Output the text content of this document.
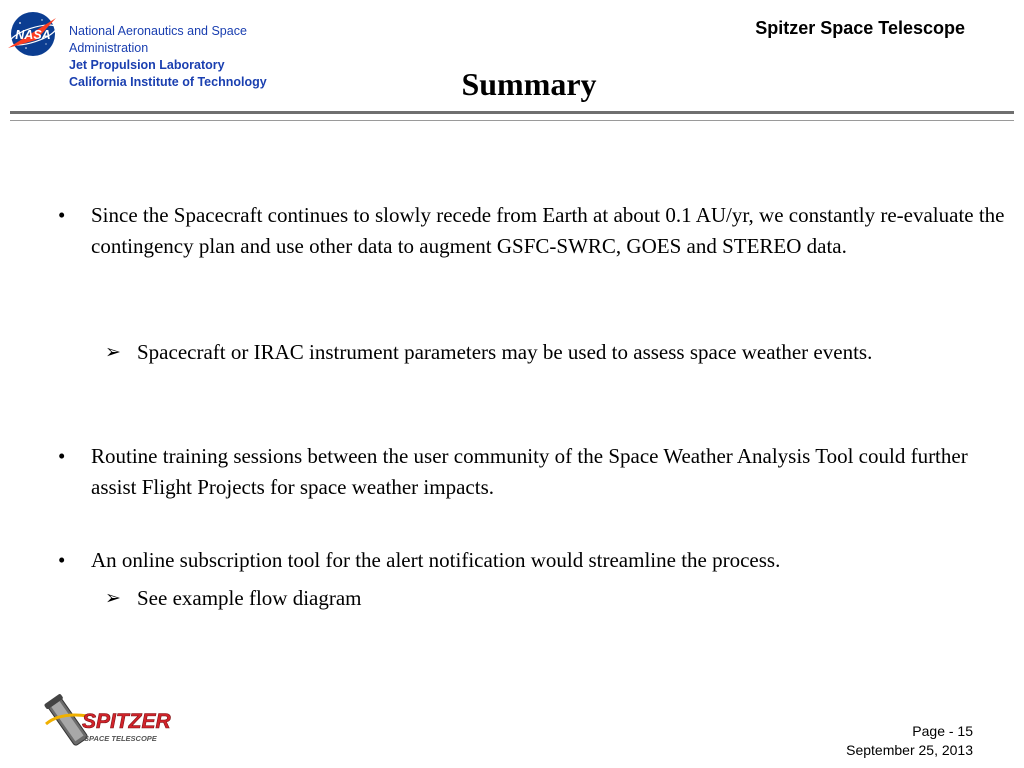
NASA National Aeronautics and Space
Administration
Jet Propulsion Laboratory
California Institute of Technology
Spitzer Space Telescope
Summary
• Since the Spacecraft continues to slowly recede from Earth at about 0.1 AU/yr, we constantly re-evaluate the contingency plan and use other data to augment GSFC-SWRC, GOES and STEREO data.
➢ Spacecraft or IRAC instrument parameters may be used to assess space weather events.
• Routine training sessions between the user community of the Space Weather Analysis Tool could further assist Flight Projects for space weather impacts.
• An online subscription tool for the alert notification would streamline the process.
➢ See example flow diagram
SPITZER
SPACE TELESCOPE	Page - 15
September 25, 2013
